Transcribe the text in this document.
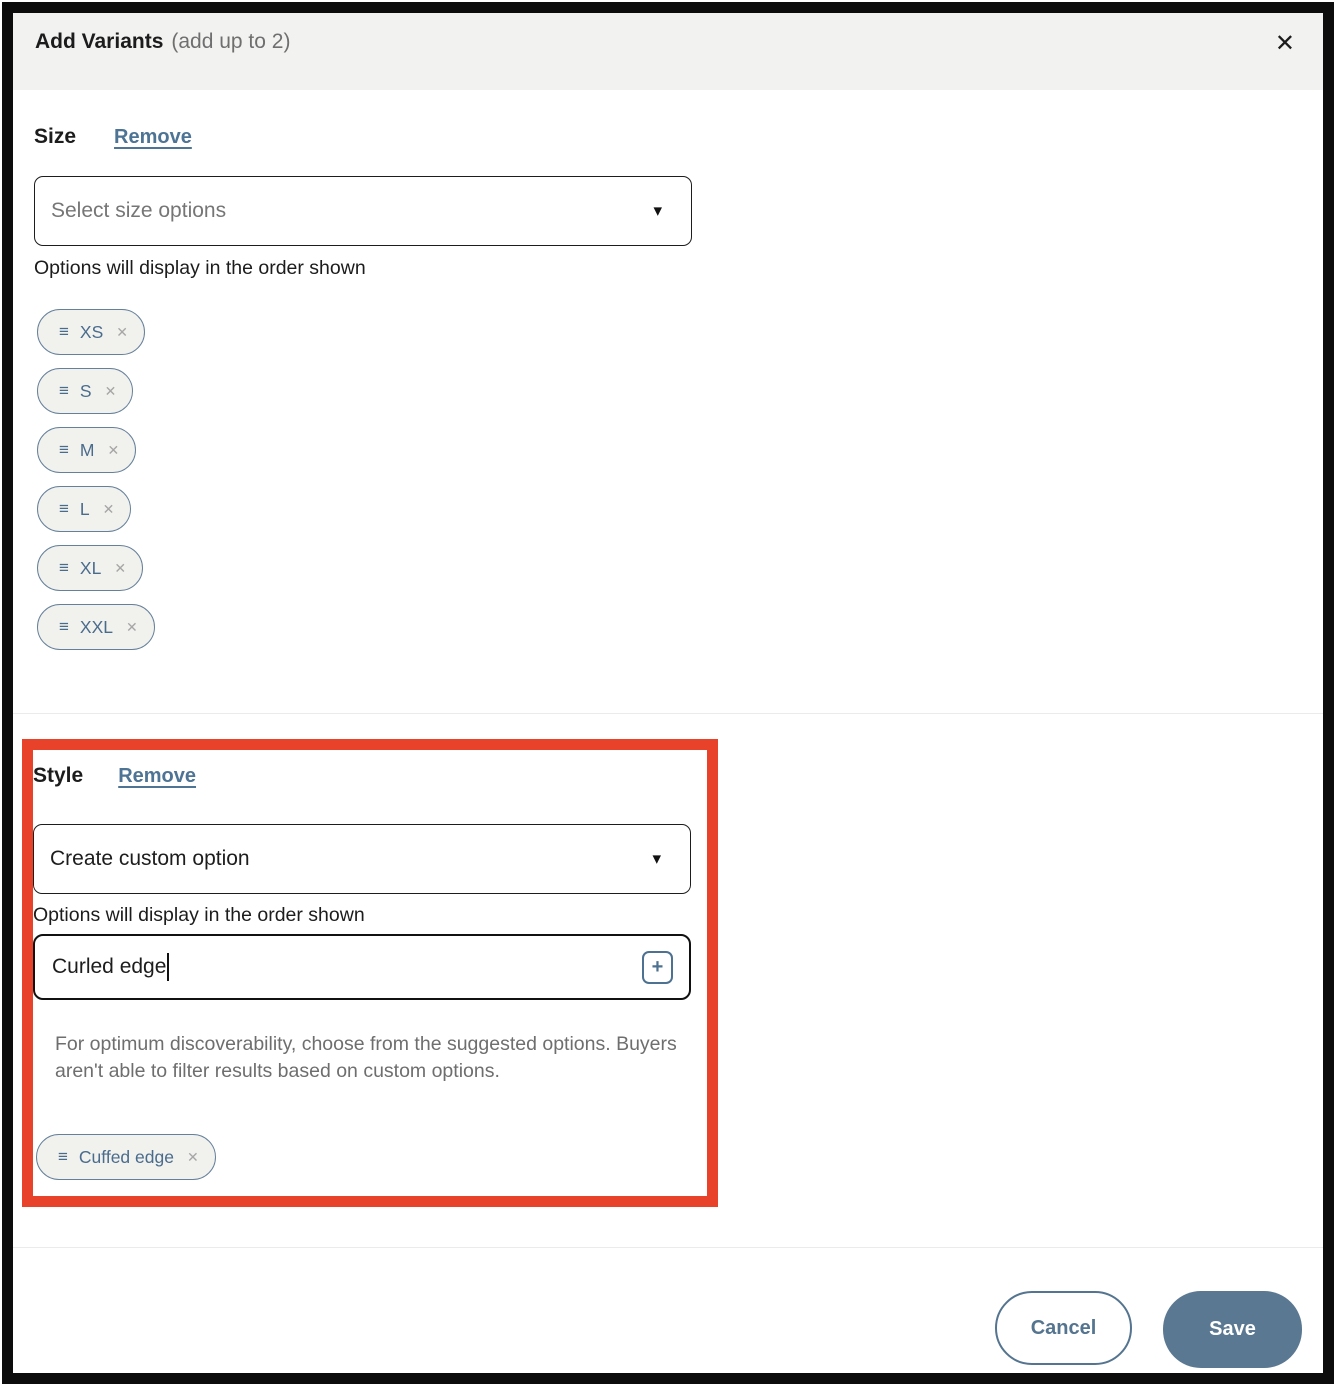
Add Variants (add up to 2)	✕
Size Remove
Select size options	▾
Options will display in the order shown
≡ XS ✕
≡ S ✕
≡ M ✕
≡ L ✕
≡ XL ✕
≡ XXL ✕
Style Remove
Create custom option	▾
Options will display in the order shown
Curled edge	+
For optimum discoverability, choose from the suggested options. Buyers aren't able to filter results based on custom options.
≡ Cuffed edge ✕
Cancel	Save
